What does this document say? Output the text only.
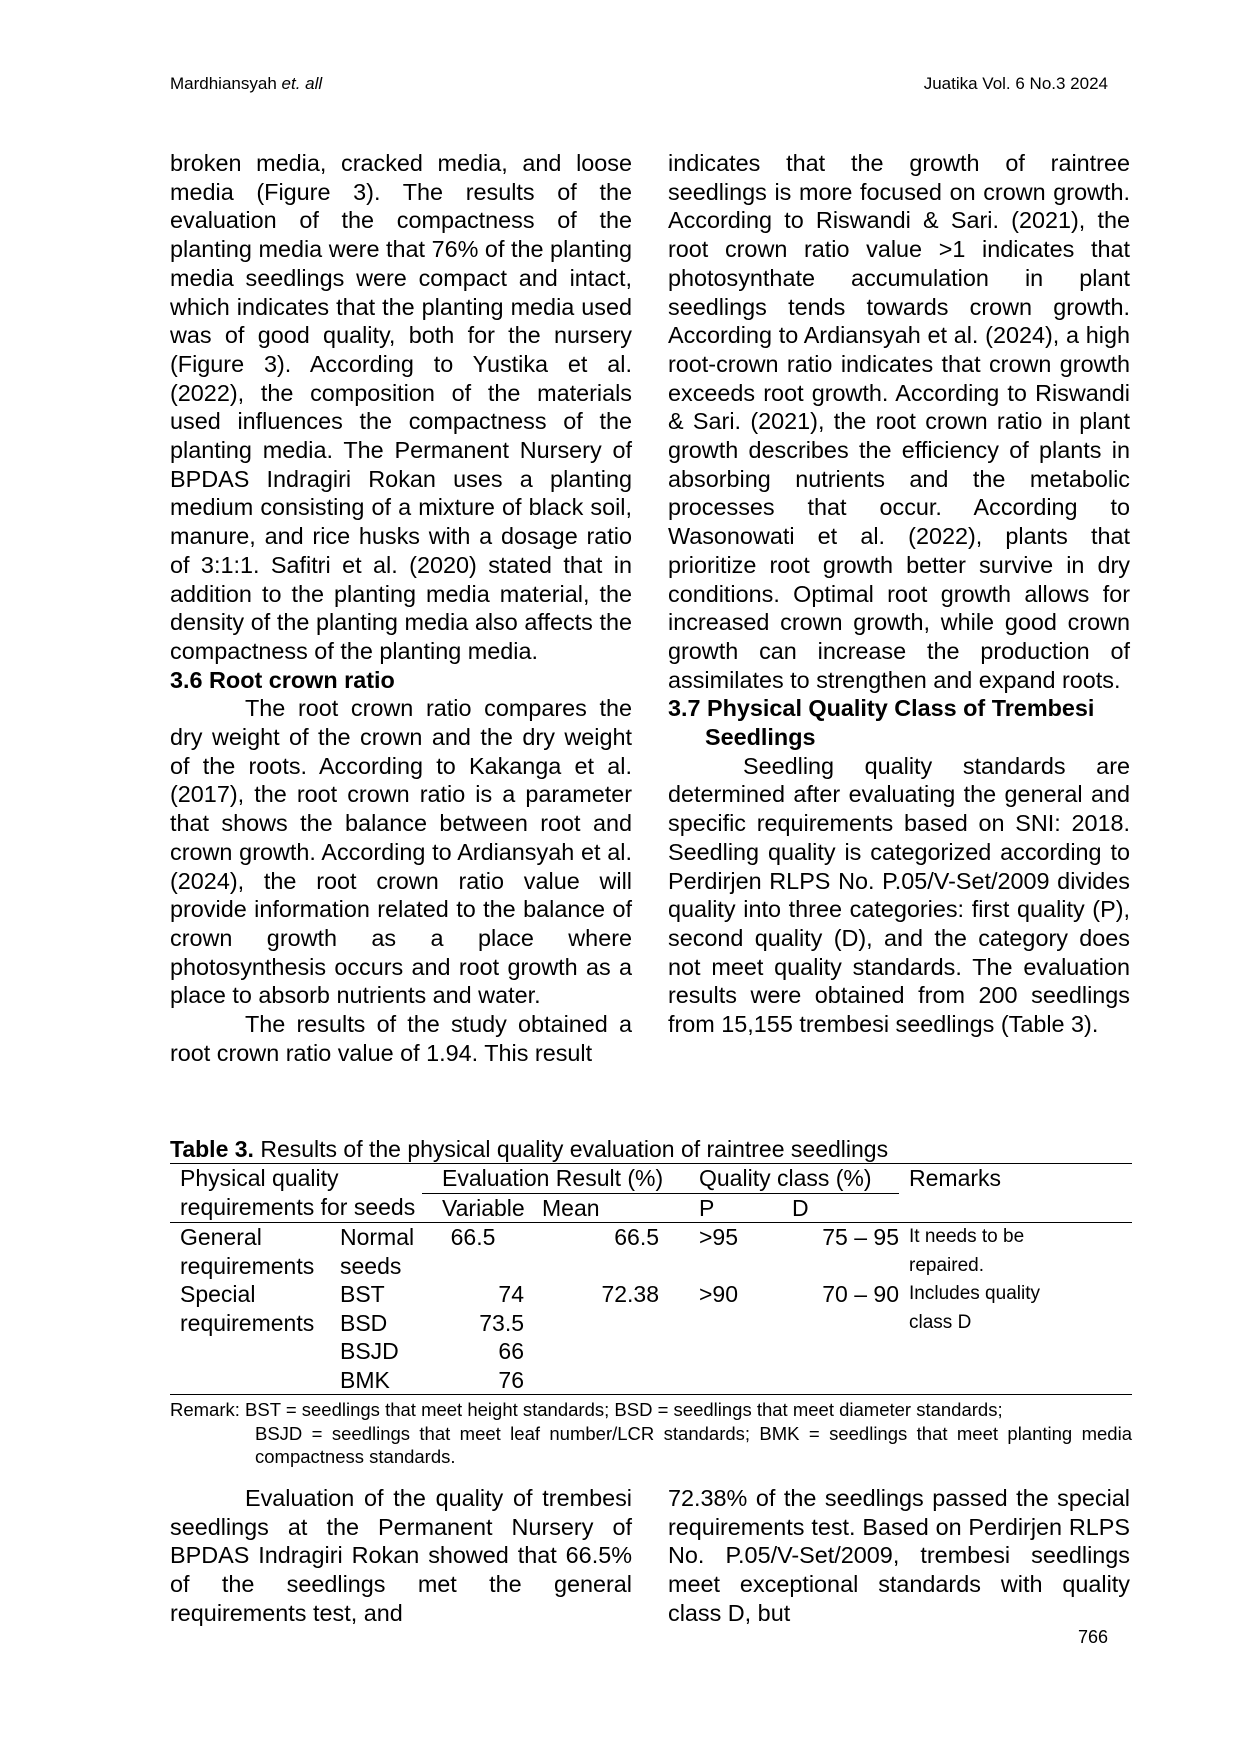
Mardhiansyah et. all	Juatika Vol. 6 No.3 2024

broken media, cracked media, and loose media (Figure 3). The results of the evaluation of the compactness of the planting media were that 76% of the planting media seedlings were compact and intact, which indicates that the planting media used was of good quality, both for the nursery (Figure 3). According to Yustika et al. (2022), the composition of the materials used influences the compactness of the planting media. The Permanent Nursery of BPDAS Indragiri Rokan uses a planting medium consisting of a mixture of black soil, manure, and rice husks with a dosage ratio of 3:1:1. Safitri et al. (2020) stated that in addition to the planting media material, the density of the planting media also affects the compactness of the planting media.

3.6 Root crown ratio

The root crown ratio compares the dry weight of the crown and the dry weight of the roots. According to Kakanga et al. (2017), the root crown ratio is a parameter that shows the balance between root and crown growth. According to Ardiansyah et al. (2024), the root crown ratio value will provide information related to the balance of crown growth as a place where photosynthesis occurs and root growth as a place to absorb nutrients and water.

The results of the study obtained a root crown ratio value of 1.94. This result

indicates that the growth of raintree seedlings is more focused on crown growth. According to Riswandi & Sari. (2021), the root crown ratio value >1 indicates that photosynthate accumulation in plant seedlings tends towards crown growth. According to Ardiansyah et al. (2024), a high root-crown ratio indicates that crown growth exceeds root growth. According to Riswandi & Sari. (2021), the root crown ratio in plant growth describes the efficiency of plants in absorbing nutrients and the metabolic processes that occur. According to Wasonowati et al. (2022), plants that prioritize root growth better survive in dry conditions. Optimal root growth allows for increased crown growth, while good crown growth can increase the production of assimilates to strengthen and expand roots.

3.7 Physical Quality Class of Trembesi Seedlings

Seedling quality standards are determined after evaluating the general and specific requirements based on SNI: 2018. Seedling quality is categorized according to Perdirjen RLPS No. P.05/V-Set/2009 divides quality into three categories: first quality (P), second quality (D), and the category does not meet quality standards. The evaluation results were obtained from 200 seedlings from 15,155 trembesi seedlings (Table 3).

Table 3. Results of the physical quality evaluation of raintree seedlings
Physical quality		Evaluation Result (%)		Quality class (%)		Remarks
requirements for seeds		Variable	Mean	P	D	
General	Normal	66.5	66.5	>95	75 – 95	It needs to be
requirements	seeds					repaired.
Special	BST	74	72.38	>90	70 – 90	Includes quality
requirements	BSD	73.5				class D
	BSJD	66				
	BMK	76				
Remark: BST = seedlings that meet height standards; BSD = seedlings that meet diameter standards;
BSJD = seedlings that meet leaf number/LCR standards; BMK = seedlings that meet planting media compactness standards.

Evaluation of the quality of trembesi seedlings at the Permanent Nursery of BPDAS Indragiri Rokan showed that 66.5% of the seedlings met the general requirements test, and

72.38% of the seedlings passed the special requirements test. Based on Perdirjen RLPS No. P.05/V-Set/2009, trembesi seedlings meet exceptional standards with quality class D, but

766
